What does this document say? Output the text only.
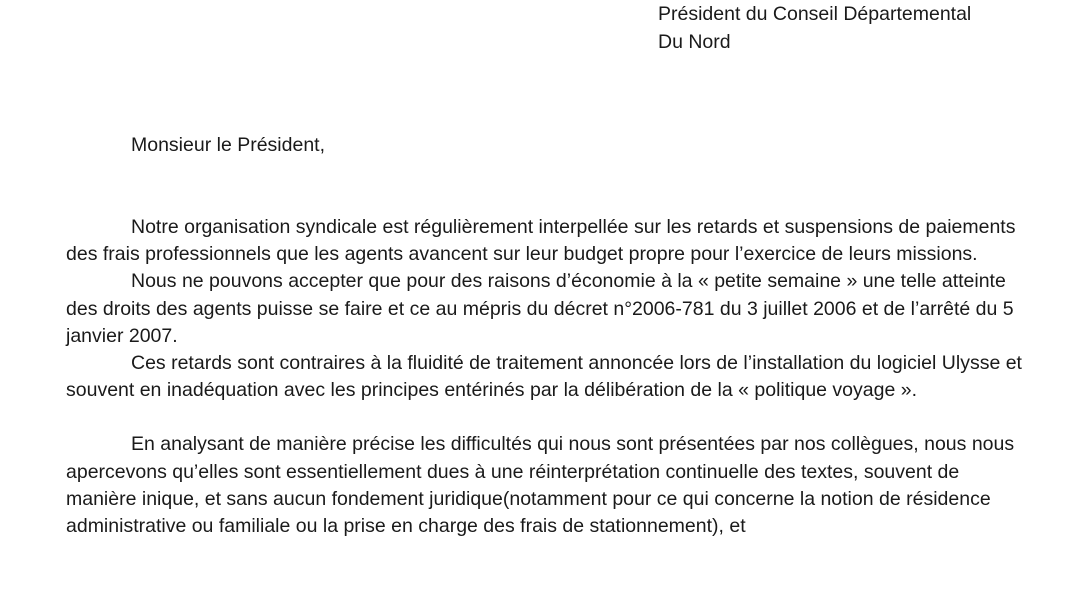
Président du Conseil Départemental
Du Nord
Monsieur le Président,

Notre organisation syndicale est régulièrement interpellée sur les retards et suspensions de paiements des frais professionnels que les agents avancent sur leur budget propre pour l’exercice de leurs missions.

Nous ne pouvons accepter que pour des raisons d’économie à la « petite semaine » une telle atteinte des droits des agents puisse se faire et ce au mépris du décret n°2006-781 du 3 juillet 2006 et de l’arrêté du 5 janvier 2007.

Ces retards sont contraires à la fluidité de traitement annoncée lors de l’installation du logiciel Ulysse et souvent en inadéquation avec les principes entérinés par la délibération de la « politique voyage ».

En analysant de manière précise les difficultés qui nous sont présentées par nos collègues, nous nous apercevons qu’elles sont essentiellement dues à une réinterprétation continuelle des textes, souvent de manière inique, et sans aucun fondement juridique(notamment pour ce qui concerne la notion de résidence administrative ou familiale ou la prise en charge des frais de stationnement), et
